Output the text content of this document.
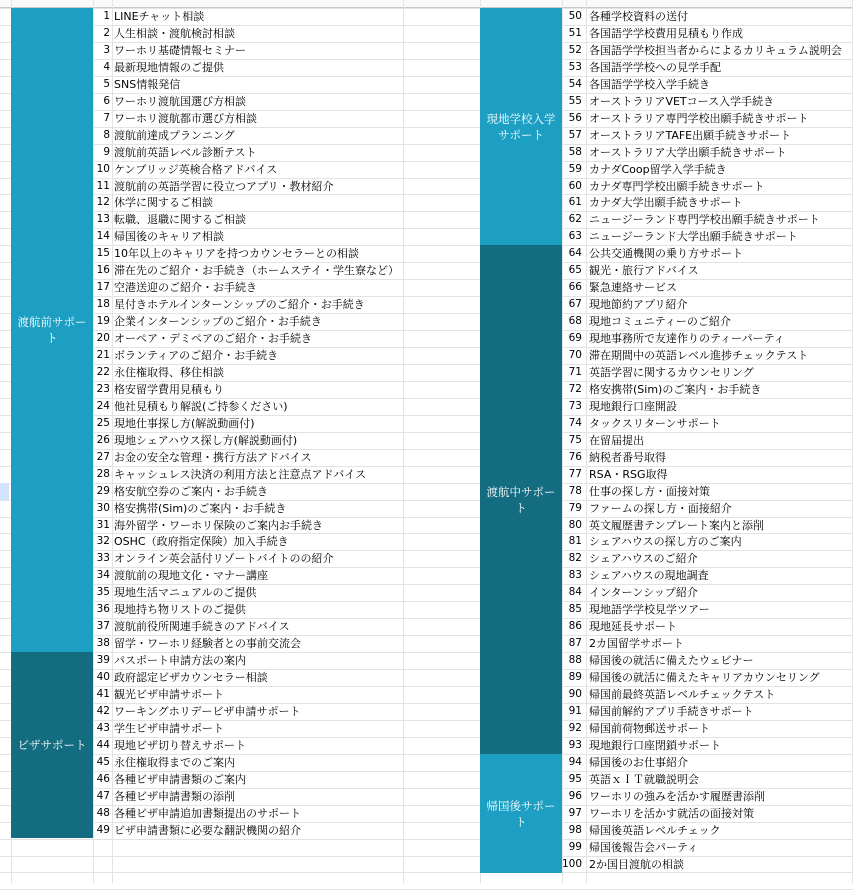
渡航前サポート
ビザサポート
現地学校入学
サポート
渡航中サポート
帰国後サポート
1 LINEチャット相談
2 人生相談・渡航検討相談
3 ワーホリ基礎情報セミナー
4 最新現地情報のご提供
5 SNS情報発信
6 ワーホリ渡航国選び方相談
7 ワーホリ渡航都市選び方相談
8 渡航前達成プランニング
9 渡航前英語レベル診断テスト
10 ケンブリッジ英検合格アドバイス
11 渡航前の英語学習に役立つアプリ・教材紹介
12 休学に関するご相談
13 転職、退職に関するご相談
14 帰国後のキャリア相談
15 10年以上のキャリアを持つカウンセラーとの相談
16 滞在先のご紹介・お手続き（ホームステイ・学生寮など）
17 空港送迎のご紹介・お手続き
18 星付きホテルインターンシップのご紹介・お手続き
19 企業インターンシップのご紹介・お手続き
20 オーペア・デミペアのご紹介・お手続き
21 ボランティアのご紹介・お手続き
22 永住権取得、移住相談
23 格安留学費用見積もり
24 他社見積もり解説(ご持参ください)
25 現地仕事探し方(解説動画付)
26 現地シェアハウス探し方(解説動画付)
27 お金の安全な管理・携行方法アドバイス
28 キャッシュレス決済の利用方法と注意点アドバイス
29 格安航空券のご案内・お手続き
30 格安携帯(Sim)のご案内・お手続き
31 海外留学・ワーホリ保険のご案内お手続き
32 OSHC（政府指定保険）加入手続き
33 オンライン英会話付リゾートバイトのの紹介
34 渡航前の現地文化・マナー講座
35 現地生活マニュアルのご提供
36 現地持ち物リストのご提供
37 渡航前役所関連手続きのアドバイス
38 留学・ワーホリ経験者との事前交流会
39 パスポート申請方法の案内
40 政府認定ビザカウンセラー相談
41 観光ビザ申請サポート
42 ワーキングホリデービザ申請サポート
43 学生ビザ申請サポート
44 現地ビザ切り替えサポート
45 永住権取得までのご案内
46 各種ビザ申請書類のご案内
47 各種ビザ申請書類の添削
48 各種ビザ申請追加書類提出のサポート
49 ビザ申請書類に必要な翻訳機関の紹介
50 各種学校資料の送付
51 各国語学学校費用見積もり作成
52 各国語学学校担当者からによるカリキュラム説明会
53 各国語学学校への見学手配
54 各国語学学校入学手続き
55 オーストラリアVETコース入学手続き
56 オーストラリア専門学校出願手続きサポート
57 オーストラリアTAFE出願手続きサポート
58 オーストラリア大学出願手続きサポート
59 カナダCoop留学入学手続き
60 カナダ専門学校出願手続きサポート
61 カナダ大学出願手続きサポート
62 ニュージーランド専門学校出願手続きサポート
63 ニュージーランド大学出願手続きサポート
64 公共交通機関の乗り方サポート
65 観光・旅行アドバイス
66 緊急連絡サービス
67 現地節約アプリ紹介
68 現地コミュニティーのご紹介
69 現地事務所で友達作りのティーパーティ
70 滞在期間中の英語レベル進捗チェックテスト
71 英語学習に関するカウンセリング
72 格安携帯(Sim)のご案内・お手続き
73 現地銀行口座開設
74 タックスリターンサポート
75 在留届提出
76 納税者番号取得
77 RSA・RSG取得
78 仕事の探し方・面接対策
79 ファームの探し方・面接紹介
80 英文履歴書テンプレート案内と添削
81 シェアハウスの探し方のご案内
82 シェアハウスのご紹介
83 シェアハウスの現地調査
84 インターンシップ紹介
85 現地語学学校見学ツアー
86 現地延長サポート
87 2カ国留学サポート
88 帰国後の就活に備えたウェビナー
89 帰国後の就活に備えたキャリアカウンセリング
90 帰国前最終英語レベルチェックテスト
91 帰国前解約アプリ手続きサポート
92 帰国前荷物郵送サポート
93 現地銀行口座閉鎖サポート
94 帰国後のお仕事紹介
95 英語ｘＩＴ就職説明会
96 ワーホリの強みを活かす履歴書添削
97 ワーホリを活かす就活の面接対策
98 帰国後英語レベルチェック
99 帰国後報告会パーティ
100 2か国目渡航の相談
